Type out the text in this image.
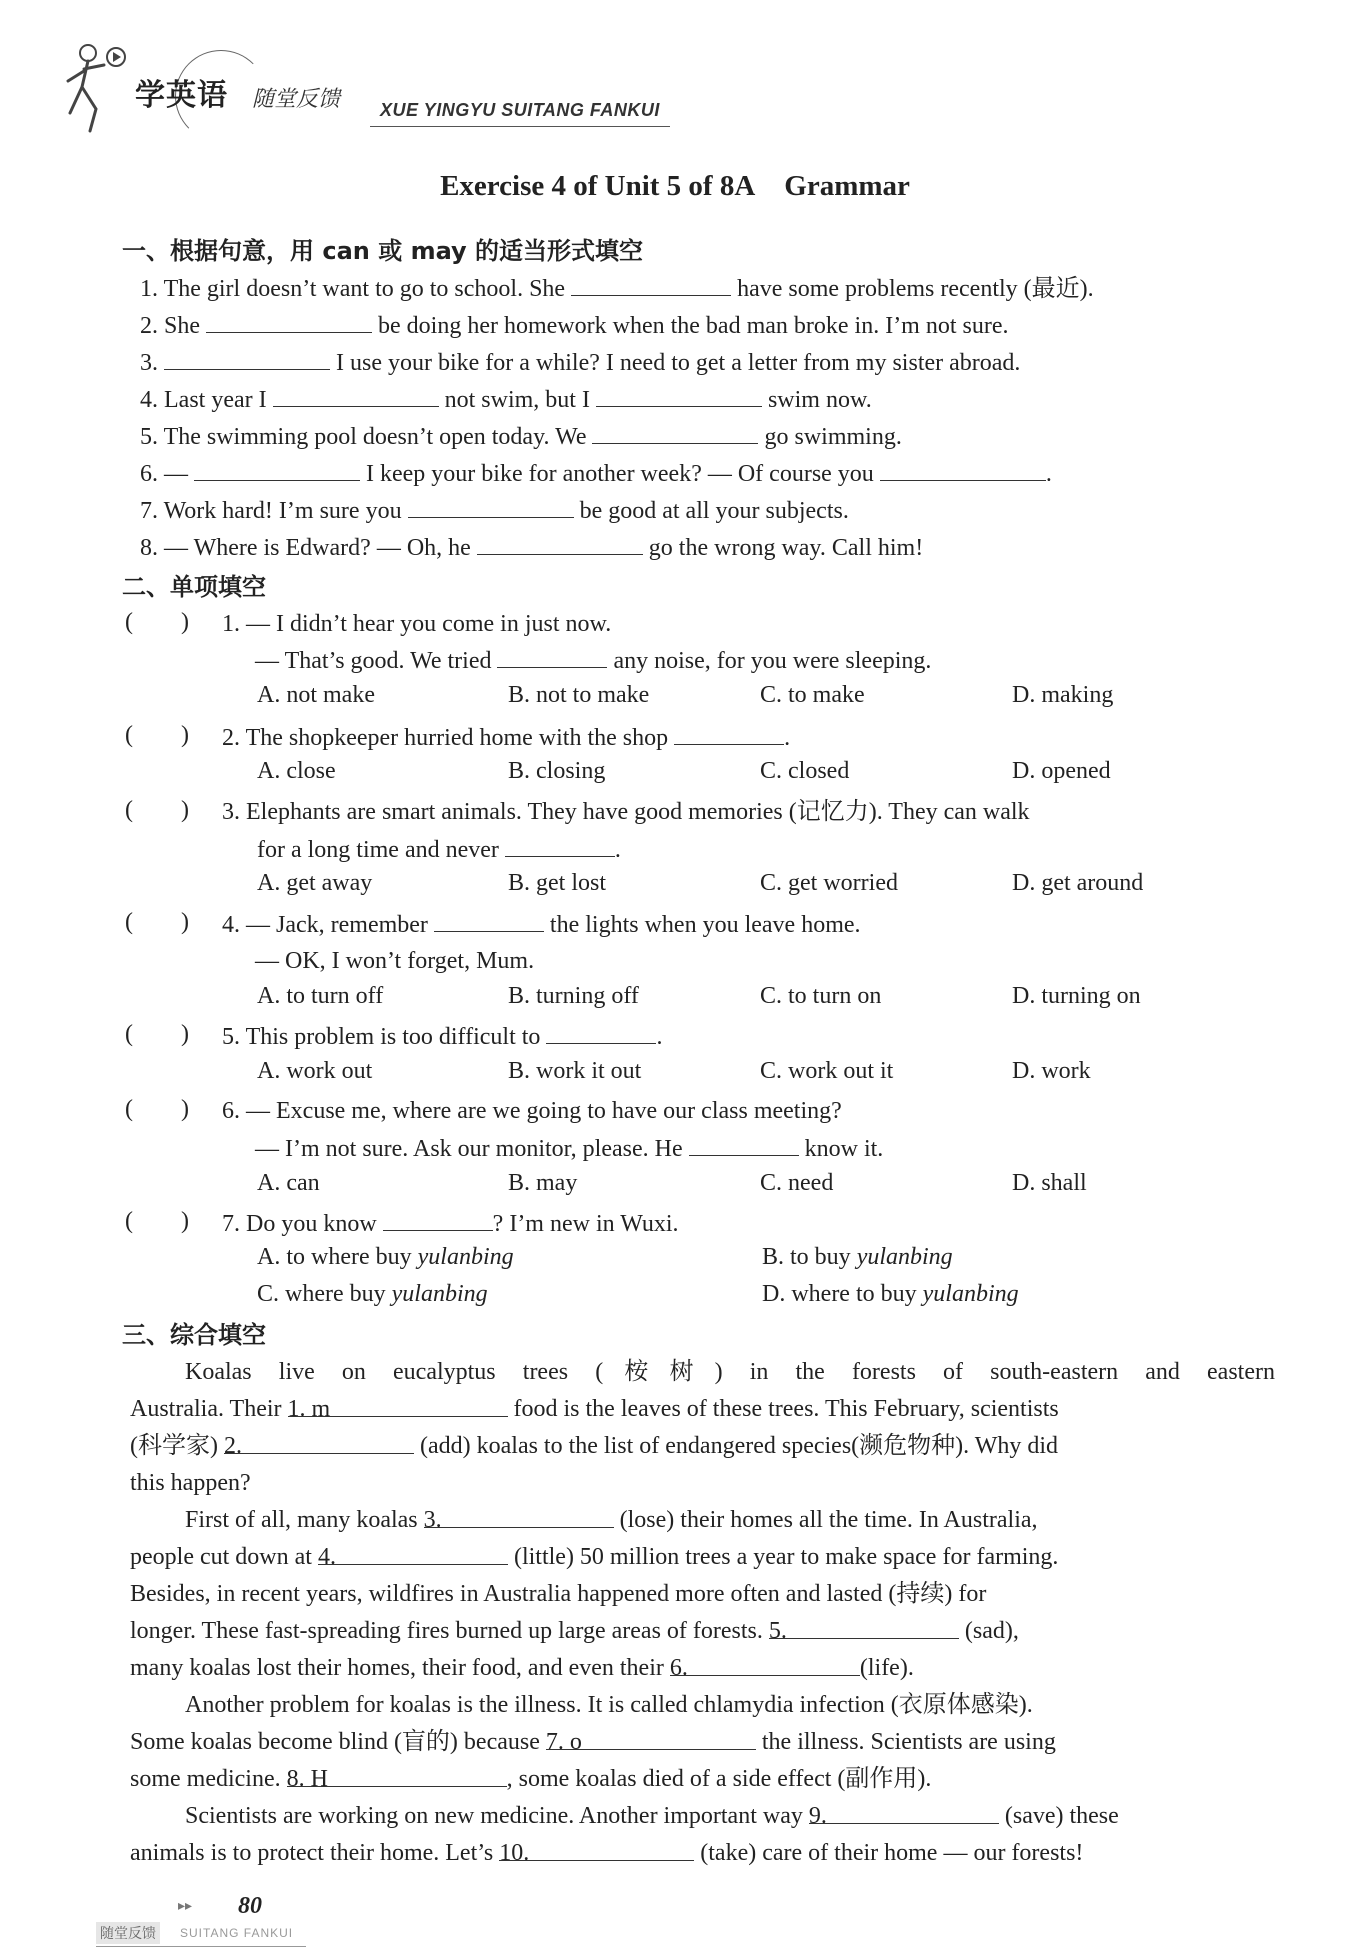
学英语 随堂反馈 XUE YINGYU SUITANG FANKUI
Exercise 4 of Unit 5 of 8A Grammar
一、根据句意，用 can 或 may 的适当形式填空
1. The girl doesn’t want to go to school. She	have some problems recently (最近).
2. She	be doing her homework when the bad man broke in. I’m not sure.
3.	I use your bike for a while? I need to get a letter from my sister abroad.
4. Last year I	not swim, but I	swim now.
5. The swimming pool doesn’t open today. We	go swimming.
6. —	I keep your bike for another week? — Of course you	.
7. Work hard! I’m sure you	be good at all your subjects.
8. — Where is Edward? — Oh, he	go the wrong way. Call him!
二、单项填空
(  ) 1. — I didn’t hear you come in just now.
— That’s good. We tried	any noise, for you were sleeping.
A. not make	B. not to make	C. to make	D. making
(  ) 2. The shopkeeper hurried home with the shop	.
A. close	B. closing	C. closed	D. opened
(  ) 3. Elephants are smart animals. They have good memories (记忆力). They can walk
for a long time and never	.
A. get away	B. get lost	C. get worried	D. get around
(  ) 4. — Jack, remember	the lights when you leave home.
— OK, I won’t forget, Mum.
A. to turn off	B. turning off	C. to turn on	D. turning on
(  ) 5. This problem is too difficult to	.
A. work out	B. work it out	C. work out it	D. work
(  ) 6. — Excuse me, where are we going to have our class meeting?
— I’m not sure. Ask our monitor, please. He	know it.
A. can	B. may	C. need	D. shall
(  ) 7. Do you know	? I’m new in Wuxi.
A. to where buy yulanbing	B. to buy yulanbing
C. where buy yulanbing	D. where to buy yulanbing
三、综合填空
Koalas live on eucalyptus trees (桉树) in the forests of south-eastern and eastern
Australia. Their 1. m	food is the leaves of these trees. This February, scientists
(科学家) 2.	(add) koalas to the list of endangered species(濒危物种). Why did
this happen?
First of all, many koalas 3.	(lose) their homes all the time. In Australia,
people cut down at 4.	(little) 50 million trees a year to make space for farming.
Besides, in recent years, wildfires in Australia happened more often and lasted (持续) for
longer. These fast-spreading fires burned up large areas of forests. 5.	(sad),
many koalas lost their homes, their food, and even their 6.	(life).
Another problem for koalas is the illness. It is called chlamydia infection (衣原体感染).
Some koalas become blind (盲的) because 7. o	the illness. Scientists are using
some medicine. 8. H	, some koalas died of a side effect (副作用).
Scientists are working on new medicine. Another important way 9.	(save) these
animals is to protect their home. Let’s 10.	(take) care of their home — our forests!
▸▸ 80
随堂反馈	SUITANG FANKUI
